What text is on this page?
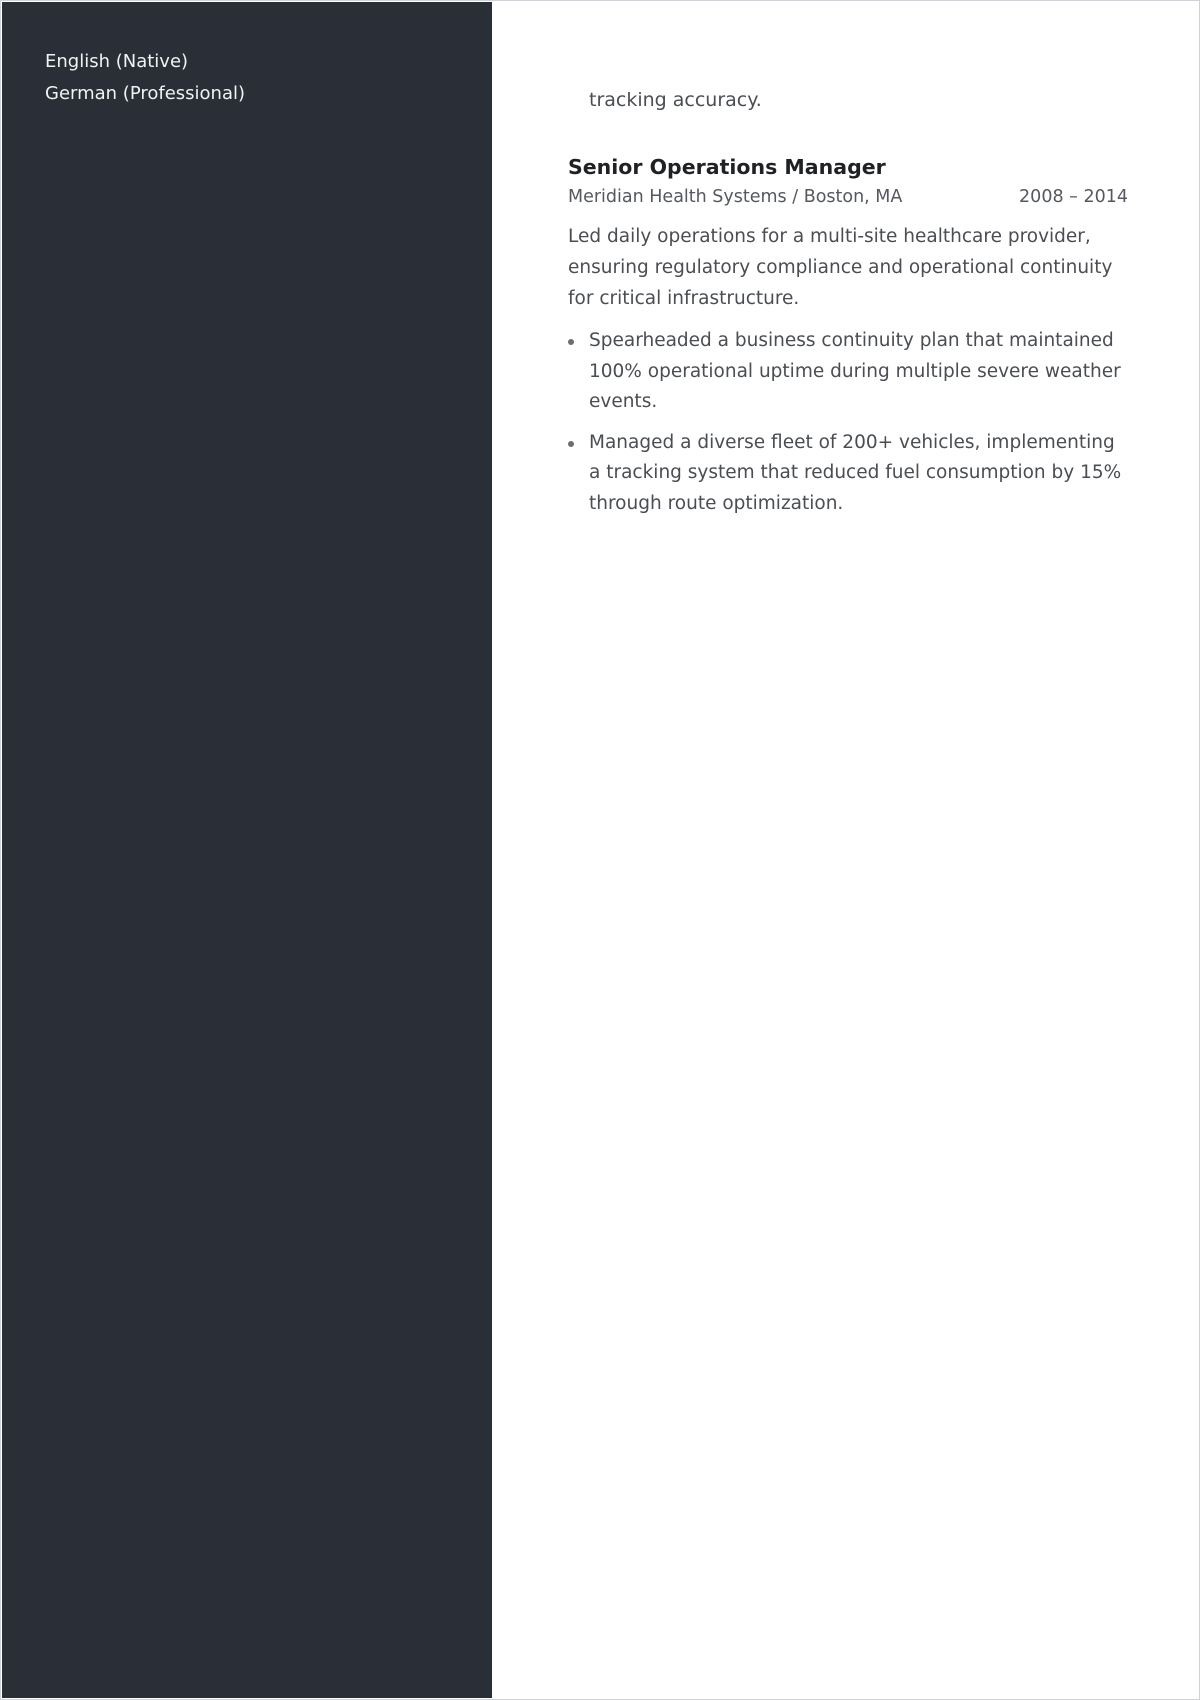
English (Native)
German (Professional)	tracking accuracy.
Senior Operations Manager
Meridian Health Systems / Boston, MA	2008 – 2014

Led daily operations for a multi-site healthcare provider, ensuring regulatory compliance and operational continuity for critical infrastructure.

Spearheaded a business continuity plan that maintained 100% operational uptime during multiple severe weather events.
Managed a diverse fleet of 200+ vehicles, implementing a tracking system that reduced fuel consumption by 15% through route optimization.
